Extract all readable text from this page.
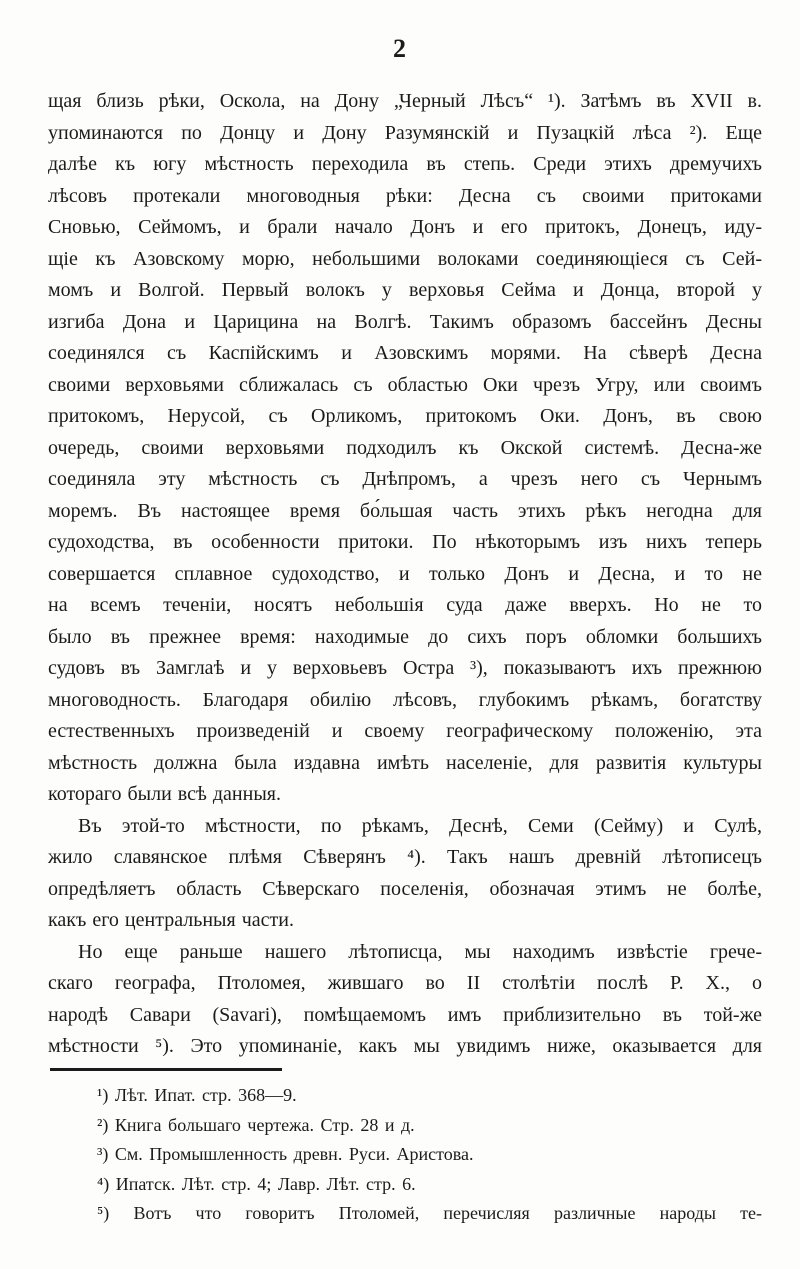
2
щая близь рѣки, Оскола, на Дону „Черный Лѣсъ“ ¹). Затѣмъ въ XVII в.
упоминаются по Донцу и Дону Разумянскій и Пузацкій лѣса ²). Еще
далѣе къ югу мѣстность переходила въ степь. Среди этихъ дремучихъ
лѣсовъ протекали многоводныя рѣки: Десна съ своими притоками
Сновью, Сеймомъ, и брали начало Донъ и его притокъ, Донецъ, иду-
щіе къ Азовскому морю, небольшими волоками соединяющіеся съ Сей-
момъ и Волгой. Первый волокъ у верховья Сейма и Донца, второй у
изгиба Дона и Царицина на Волгѣ. Такимъ образомъ бассейнъ Десны
соединялся съ Каспійскимъ и Азовскимъ морями. На сѣверѣ Десна
своими верховьями сближалась съ областью Оки чрезъ Угру, или своимъ
притокомъ, Нерусой, съ Орликомъ, притокомъ Оки. Донъ, въ свою
очередь, своими верховьями подходилъ къ Окской системѣ. Десна-же
соединяла эту мѣстность съ Днѣпромъ, а чрезъ него съ Чернымъ
моремъ. Въ настоящее время бо́льшая часть этихъ рѣкъ негодна для
судоходства, въ особенности притоки. По нѣкоторымъ изъ нихъ теперь
совершается сплавное судоходство, и только Донъ и Десна, и то не
на всемъ теченіи, носятъ небольшія суда даже вверхъ. Но не то
было въ прежнее время: находимые до сихъ поръ обломки большихъ
судовъ въ Замглаѣ и у верховьевъ Остра ³), показываютъ ихъ прежнюю
многоводность. Благодаря обилію лѣсовъ, глубокимъ рѣкамъ, богатству
естественныхъ произведеній и своему географическому положенію, эта
мѣстность должна была издавна имѣть населеніе, для развитія культуры
котораго были всѣ данныя.
Въ этой-то мѣстности, по рѣкамъ, Деснѣ, Семи (Сейму) и Сулѣ,
жило славянское плѣмя Сѣверянъ ⁴). Такъ нашъ древній лѣтописецъ
опредѣляетъ область Сѣверскаго поселенія, обозначая этимъ не болѣе,
какъ его центральныя части.
Но еще раньше нашего лѣтописца, мы находимъ извѣстіе грече-
скаго географа, Птоломея, жившаго во II столѣтіи послѣ Р. Х., о
народѣ Савари (Savari), помѣщаемомъ имъ приблизительно въ той-же
мѣстности ⁵). Это упоминаніе, какъ мы увидимъ ниже, оказывается для
¹) Лѣт. Ипат. стр. 368—9.
²) Книга большаго чертежа. Стр. 28 и д.
³) См. Промышленность древн. Руси. Аристова.
⁴) Ипатск. Лѣт. стр. 4; Лавр. Лѣт. стр. 6.
⁵) Вотъ что говоритъ Птоломей, перечисляя различные народы те-
